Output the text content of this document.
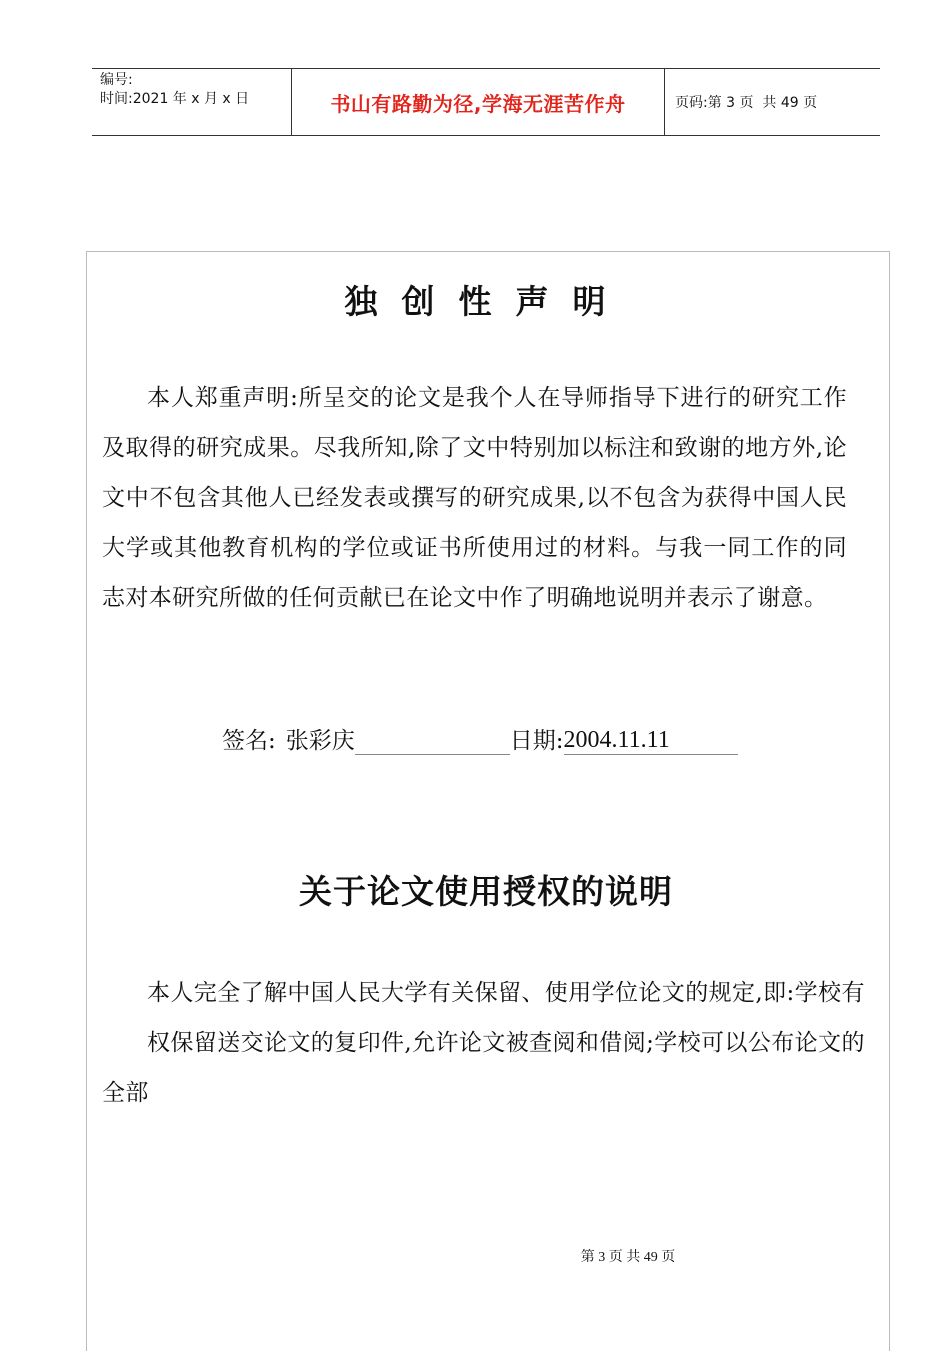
编号:
时间:2021 年 x 月 x 日	书山有路勤为径,学海无涯苦作舟	页码:第 3 页  共 49 页
独创性声明
本人郑重声明:所呈交的论文是我个人在导师指导下进行的研究工作及取得的研究成果。尽我所知,除了文中特别加以标注和致谢的地方外,论文中不包含其他人已经发表或撰写的研究成果,以不包含为获得中国人民大学或其他教育机构的学位或证书所使用过的材料。与我一同工作的同志对本研究所做的任何贡献已在论文中作了明确地说明并表示了谢意。
签名: 张彩庆	日期: 2004.11.11
关于论文使用授权的说明
本人完全了解中国人民大学有关保留、使用学位论文的规定,即:学校有
权保留送交论文的复印件,允许论文被查阅和借阅;学校可以公布论文的
全部
第 3 页 共 49 页
